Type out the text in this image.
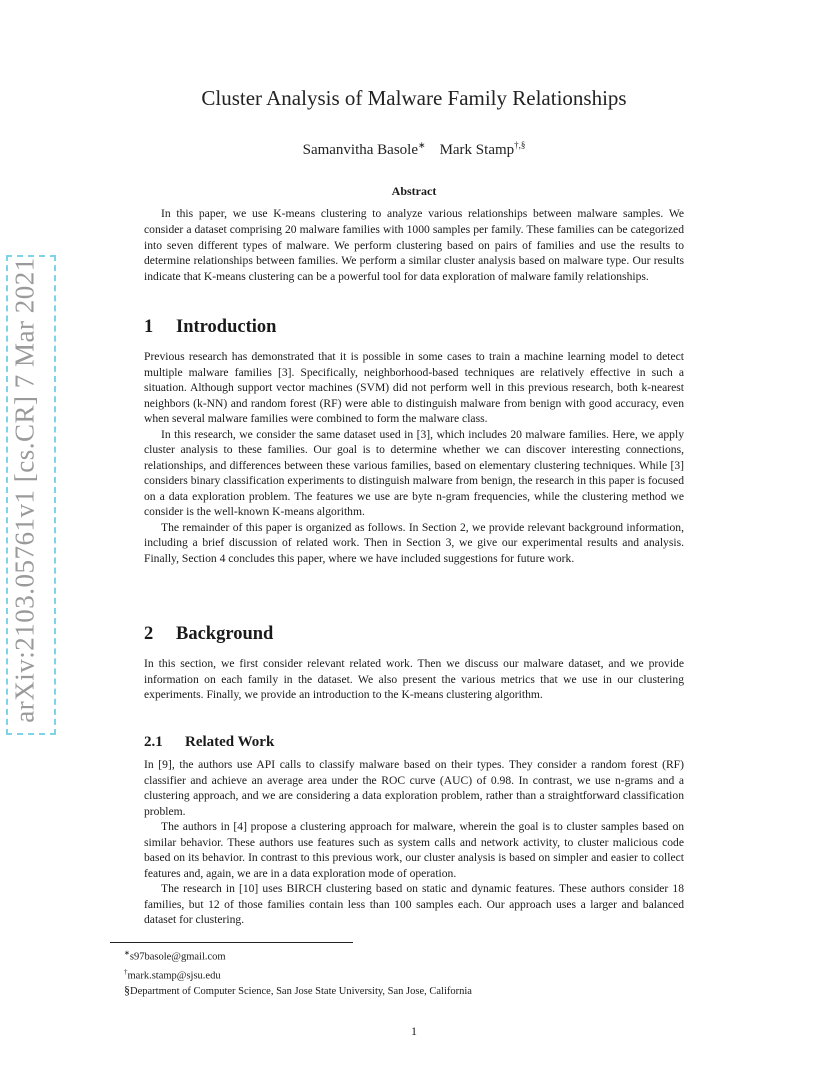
arXiv:2103.05761v1 [cs.CR] 7 Mar 2021
Cluster Analysis of Malware Family Relationships
Samanvitha Basole∗ Mark Stamp†,§
Abstract
In this paper, we use K-means clustering to analyze various relationships between malware samples. We consider a dataset comprising 20 malware families with 1000 samples per family. These families can be categorized into seven different types of malware. We perform clustering based on pairs of families and use the results to determine relationships between families. We perform a similar cluster analysis based on malware type. Our results indicate that K-means clustering can be a powerful tool for data exploration of malware family relationships.
1 Introduction

Previous research has demonstrated that it is possible in some cases to train a machine learning model to detect multiple malware families [3]. Specifically, neighborhood-based techniques are relatively effective in such a situation. Although support vector machines (SVM) did not perform well in this previous research, both k-nearest neighbors (k-NN) and random forest (RF) were able to distinguish malware from benign with good accuracy, even when several malware families were combined to form the malware class.

In this research, we consider the same dataset used in [3], which includes 20 malware families. Here, we apply cluster analysis to these families. Our goal is to determine whether we can discover interesting connections, relationships, and differences between these various families, based on elementary clustering techniques. While [3] considers binary classification experiments to distinguish malware from benign, the research in this paper is focused on a data exploration problem. The features we use are byte n-gram frequencies, while the clustering method we consider is the well-known K-means algorithm.

The remainder of this paper is organized as follows. In Section 2, we provide relevant background information, including a brief discussion of related work. Then in Section 3, we give our experimental results and analysis. Finally, Section 4 concludes this paper, where we have included suggestions for future work.

2 Background

In this section, we first consider relevant related work. Then we discuss our malware dataset, and we provide information on each family in the dataset. We also present the various metrics that we use in our clustering experiments. Finally, we provide an introduction to the K-means clustering algorithm.

2.1 Related Work

In [9], the authors use API calls to classify malware based on their types. They consider a random forest (RF) classifier and achieve an average area under the ROC curve (AUC) of 0.98. In contrast, we use n-grams and a clustering approach, and we are considering a data exploration problem, rather than a straightforward classification problem.

The authors in [4] propose a clustering approach for malware, wherein the goal is to cluster samples based on similar behavior. These authors use features such as system calls and network activity, to cluster malicious code based on its behavior. In contrast to this previous work, our cluster analysis is based on simpler and easier to collect features and, again, we are in a data exploration mode of operation.

The research in [10] uses BIRCH clustering based on static and dynamic features. These authors consider 18 families, but 12 of those families contain less than 100 samples each. Our approach uses a larger and balanced dataset for clustering.

∗s97basole@gmail.com
†mark.stamp@sjsu.edu
§Department of Computer Science, San Jose State University, San Jose, California
1
